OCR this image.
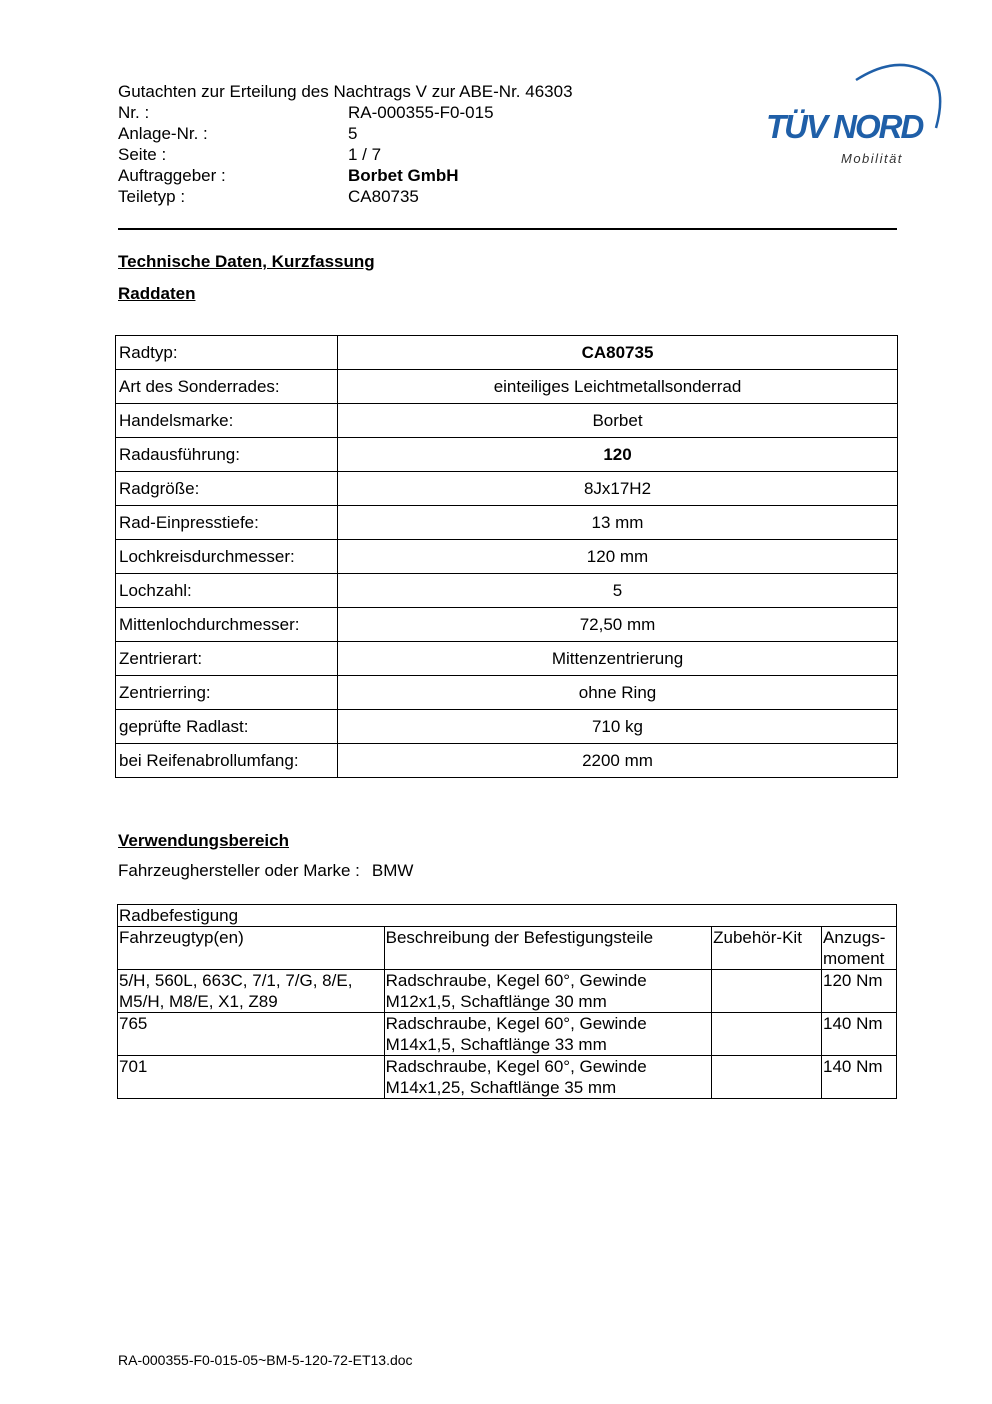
Gutachten zur Erteilung des Nachtrags V zur ABE-Nr. 46303
Nr. :	RA-000355-F0-015
Anlage-Nr. :	5
Seite :	1 / 7
Auftraggeber :	Borbet GmbH
Teiletyp :	CA80735
TÜV NORD
Mobilität
Technische Daten, Kurzfassung
Raddaten
Radtyp:	CA80735
Art des Sonderrades:	einteiliges Leichtmetallsonderrad
Handelsmarke:	Borbet
Radausführung:	120
Radgröße:	8Jx17H2
Rad-Einpresstiefe:	13 mm
Lochkreisdurchmesser:	120 mm
Lochzahl:	5
Mittenlochdurchmesser:	72,50 mm
Zentrierart:	Mittenzentrierung
Zentrierring:	ohne Ring
geprüfte Radlast:	710 kg
bei Reifenabrollumfang:	2200 mm
Verwendungsbereich
Fahrzeughersteller oder Marke : BMW
Radbefestigung			
Fahrzeugtyp(en)	Beschreibung der Befestigungsteile	Zubehör-Kit	Anzugs-moment
5/H, 560L, 663C, 7/1, 7/G, 8/E, M5/H, M8/E, X1, Z89	Radschraube, Kegel 60°, Gewinde M12x1,5, Schaftlänge 30 mm		120 Nm
765	Radschraube, Kegel 60°, Gewinde M14x1,5, Schaftlänge 33 mm		140 Nm
701	Radschraube, Kegel 60°, Gewinde M14x1,25, Schaftlänge 35 mm		140 Nm
RA-000355-F0-015-05~BM-5-120-72-ET13.doc
